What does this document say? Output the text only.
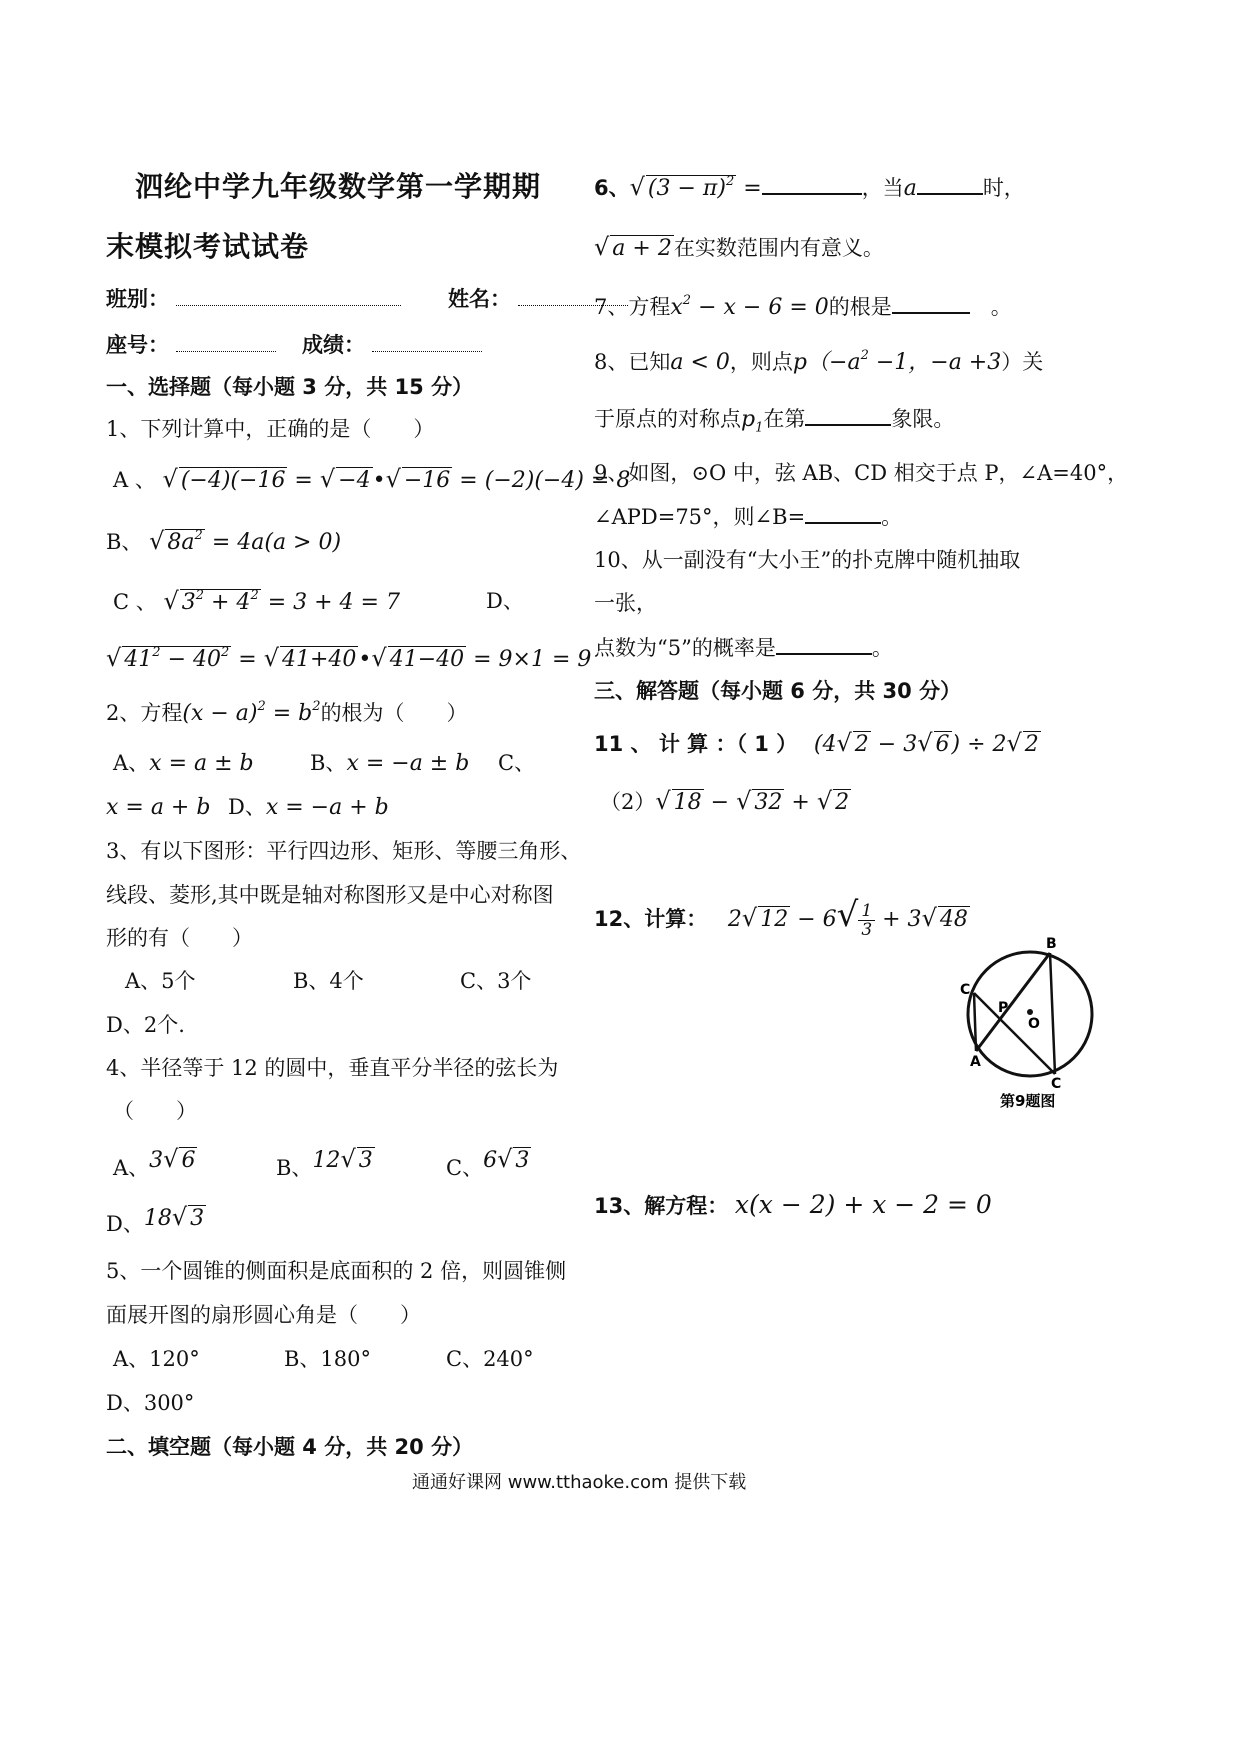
泗纶中学九年级数学第一学期期
末模拟考试试卷
班别：	姓名：
座号：	成绩：
一、选择题（每小题 3 分，共 15 分）
1、下列计算中，正确的是（　　）
A 、 √ (−4)(−16 = √ −4•√ −16 = (−2)(−4) = 8
B、 √ $8a^2 = 4a(a > 0)$
C 、 √ $3^2 + 4^2 = 3 + 4 = 7$	D、
√ $41^2 - 40^2$ = √ 41+40•√ 41−40 = 9×1 = 9
2、方程$(x - a)^2 = b^2$的根为（　　）
A、x = a ± b	B、x = −a ± b C、
x = a + b D、x = −a + b
3、有以下图形：平行四边形、矩形、等腰三角形、
线段、菱形,其中既是轴对称图形又是中心对称图
形的有（　　）
A、5个	B、4个	C、3个
D、2个.
4、半径等于 12 的圆中，垂直平分半径的弦长为
（　　）
A、3√ 6	B、12√ 3	C、6√ 3
D、18√ 3
5、一个圆锥的侧面积是底面积的 2 倍，则圆锥侧
面展开图的扇形圆心角是（　　）
A、120°	B、180°	C、240°
D、300°
二、填空题（每小题 4 分，共 20 分）
6、√ $(3 - \pi)^2$ =	，当a	时，
√ a + 2在实数范围内有意义。
7、方程$x^2 - x - 6 = 0$的根是　	。
8、已知a < 0，则点$p(-a^2 -1$，−a +3）关
于原点的对称点$p_1$在第	象限。
9、如图，⊙O 中，弦 AB、CD 相交于点 P，∠A=40°，
∠APD=75°，则∠B=	。
10、从一副没有“大小王”的扑克牌中随机抽取
一张，
点数为“5”的概率是	。
三、解答题（每小题 6 分，共 30 分）
11 、 计 算 ：（ 1 ） (4√ 2 − 3√ 6) ÷ 2√ 2
（2）√ 18 − √ 32 + √ 2
12、计算： 2√ $12 - 6√ \frac{1}{3} + 3√$ 48
13、解方程： x(x − 2) + x − 2 = 0
B
C
P
O
A
C
第9题图
通通好课网 www.tthaoke.com 提供下载
